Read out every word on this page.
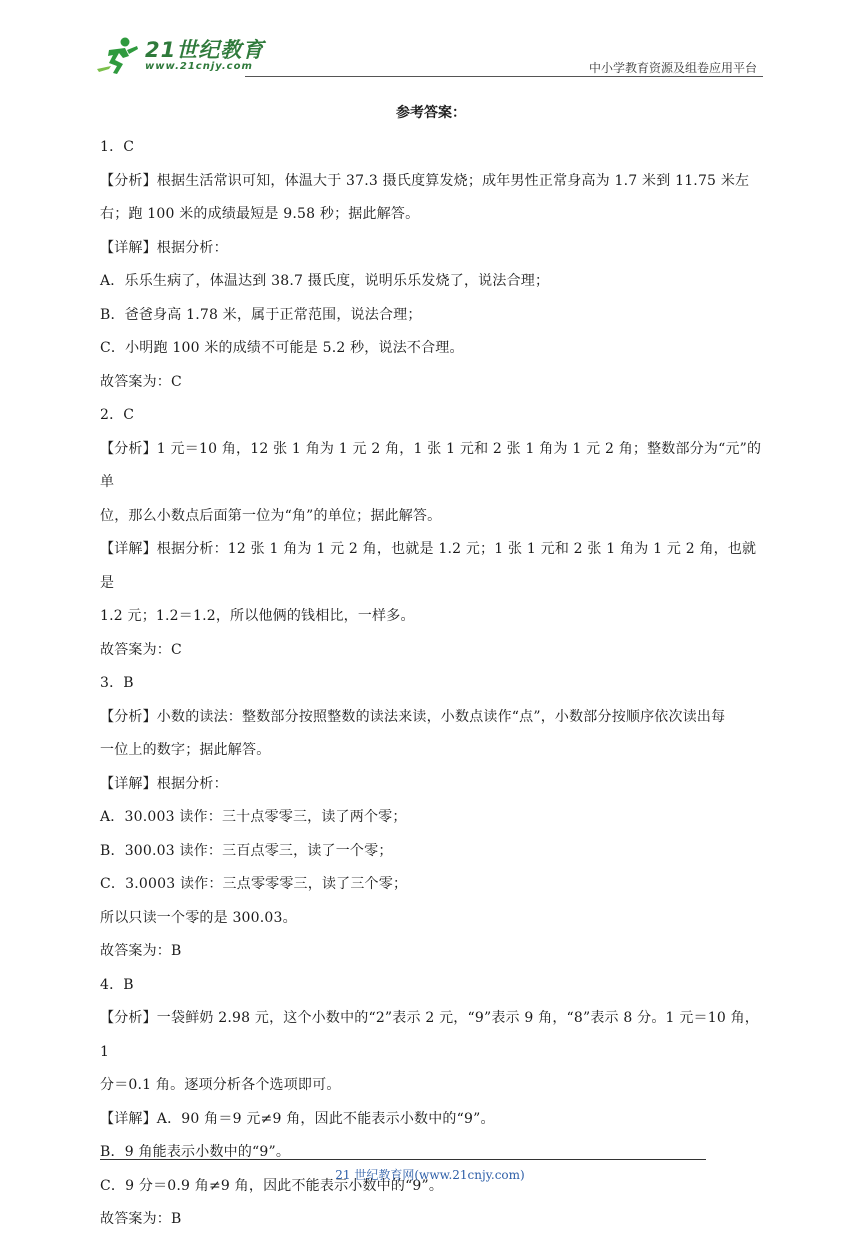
21世纪教育
www.21cnjy.com	中小学教育资源及组卷应用平台
参考答案：
1．C
【分析】根据生活常识可知，体温大于 37.3 摄氏度算发烧；成年男性正常身高为 1.7 米到 11.75 米左
右；跑 100 米的成绩最短是 9.58 秒；据此解答。
【详解】根据分析：
A．乐乐生病了，体温达到 38.7 摄氏度，说明乐乐发烧了，说法合理；
B．爸爸身高 1.78 米，属于正常范围，说法合理；
C．小明跑 100 米的成绩不可能是 5.2 秒，说法不合理。
故答案为：C
2．C
【分析】1 元＝10 角，12 张 1 角为 1 元 2 角，1 张 1 元和 2 张 1 角为 1 元 2 角；整数部分为“元”的单
位，那么小数点后面第一位为“角”的单位；据此解答。
【详解】根据分析：12 张 1 角为 1 元 2 角，也就是 1.2 元；1 张 1 元和 2 张 1 角为 1 元 2 角，也就是
1.2 元；1.2＝1.2，所以他俩的钱相比，一样多。
故答案为：C
3．B
【分析】小数的读法：整数部分按照整数的读法来读，小数点读作“点”，小数部分按顺序依次读出每
一位上的数字；据此解答。
【详解】根据分析：
A．30.003 读作：三十点零零三，读了两个零；
B．300.03 读作：三百点零三，读了一个零；
C．3.0003 读作：三点零零零三，读了三个零；
所以只读一个零的是 300.03。
故答案为：B
4．B
【分析】一袋鲜奶 2.98 元，这个小数中的“2”表示 2 元，“9”表示 9 角，“8”表示 8 分。1 元＝10 角，1
分＝0.1 角。逐项分析各个选项即可。
【详解】A．90 角＝9 元≠9 角，因此不能表示小数中的“9”。
B．9 角能表示小数中的“9”。
C．9 分＝0.9 角≠9 角，因此不能表示小数中的“9”。
故答案为：B
21 世纪教育网(www.21cnjy.com)
